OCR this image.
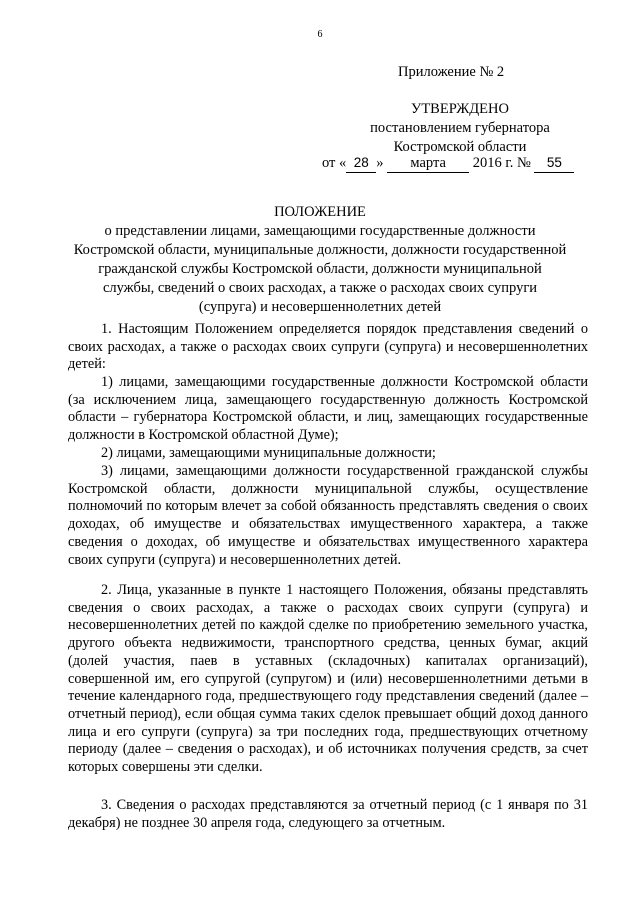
6
Приложение № 2
УТВЕРЖДЕНО
постановлением губернатора
Костромской области
от « 28 » марта 2016 г. № 55
ПОЛОЖЕНИЕ
о представлении лицами, замещающими государственные должности
Костромской области, муниципальные должности, должности государственной
гражданской службы Костромской области, должности муниципальной
службы, сведений о своих расходах, а также о расходах своих супруги
(супруга) и несовершеннолетних детей

1. Настоящим Положением определяется порядок представления сведений о своих расходах, а также о расходах своих супруги (супруга) и несовершеннолетних детей:

1) лицами, замещающими государственные должности Костромской области (за исключением лица, замещающего государственную должность Костромской области – губернатора Костромской области, и лиц, замещающих государственные должности в Костромской областной Думе);

2) лицами, замещающими муниципальные должности;

3) лицами, замещающими должности государственной гражданской службы Костромской области, должности муниципальной службы, осуществление полномочий по которым влечет за собой обязанность представлять сведения о своих доходах, об имуществе и обязательствах имущественного характера, а также сведения о доходах, об имуществе и обязательствах имущественного характера своих супруги (супруга) и несовершеннолетних детей.

2. Лица, указанные в пункте 1 настоящего Положения, обязаны представлять сведения о своих расходах, а также о расходах своих супруги (супруга) и несовершеннолетних детей по каждой сделке по приобретению земельного участка, другого объекта недвижимости, транспортного средства, ценных бумаг, акций (долей участия, паев в уставных (складочных) капиталах организаций), совершенной им, его супругой (супругом) и (или) несовершеннолетними детьми в течение календарного года, предшествующего году представления сведений (далее – отчетный период), если общая сумма таких сделок превышает общий доход данного лица и его супруги (супруга) за три последних года, предшествующих отчетному периоду (далее – сведения о расходах), и об источниках получения средств, за счет которых совершены эти сделки.

3. Сведения о расходах представляются за отчетный период (с 1 января по 31 декабря) не позднее 30 апреля года, следующего за отчетным.
